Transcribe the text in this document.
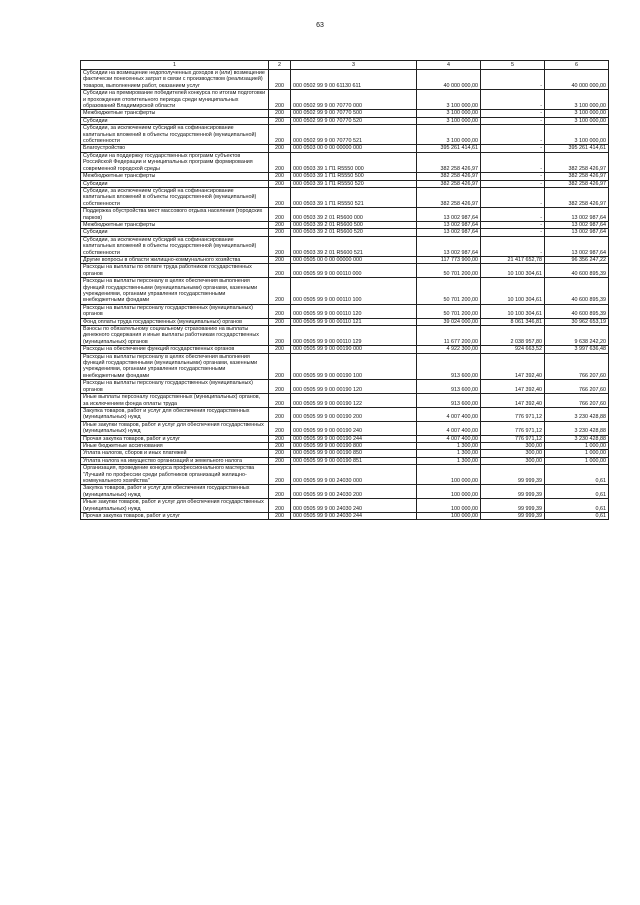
63
1	2	3	4	5	6
Субсидии на возмещение недополученных доходов и (или) возмещение фактически понесенных затрат в связи с производством (реализацией) товаров, выполнением работ, оказанием услуг	200	000 0502 99 9 00 61130 611	40 000 000,00	-	40 000 000,00
Субсидии на премирование победителей конкурса по итогам подготовки и прохождения отопительного периода среди муниципальных образований Владимирской области	200	000 0502 99 9 00 70770 000	3 100 000,00	-	3 100 000,00
Межбюджетные трансферты	200	000 0502 99 9 00 70770 500	3 100 000,00	-	3 100 000,00
Субсидии	200	000 0502 99 9 00 70770 520	3 100 000,00	-	3 100 000,00
Субсидии, за исключением субсидий на софинансирование капитальных вложений в объекты государственной (муниципальной) собственности	200	000 0502 99 9 00 70770 521	3 100 000,00	-	3 100 000,00
Благоустройство	200	000 0503 00 0 00 00000 000	395 261 414,61	-	395 261 414,61
Субсидии на поддержку государственных программ субъектов Российской Федерации и муниципальных программ формирования современной городской среды	200	000 0503 39 1 П1 R5550 000	382 258 426,97	-	382 258 426,97
Межбюджетные трансферты	200	000 0503 39 1 П1 R5550 500	382 258 426,97	-	382 258 426,97
Субсидии	200	000 0503 39 1 П1 R5550 520	382 258 426,97	-	382 258 426,97
Субсидии, за исключением субсидий на софинансирование капитальных вложений в объекты государственной (муниципальной) собственности	200	000 0503 39 1 П1 R5550 521	382 258 426,97	-	382 258 426,97
Поддержка обустройства мест массового отдыха населения (городских парков)	200	000 0503 39 2 01 R5600 000	13 002 987,64	-	13 002 987,64
Межбюджетные трансферты	200	000 0503 39 2 01 R5600 500	13 002 987,64	-	13 002 987,64
Субсидии	200	000 0503 39 2 01 R5600 520	13 002 987,64	-	13 002 987,64
Субсидии, за исключением субсидий на софинансирование капитальных вложений в объекты государственной (муниципальной) собственности	200	000 0503 39 2 01 R5600 521	13 002 987,64	-	13 002 987,64
Другие вопросы в области жилищно-коммунального хозяйства	200	000 0505 00 0 00 00000 000	117 773 900,00	21 417 652,78	96 356 247,22
Расходы на выплаты по оплате труда работников государственных органов	200	000 0505 99 9 00 00110 000	50 701 200,00	10 100 304,61	40 600 895,39
Расходы на выплаты персоналу в целях обеспечения выполнения функций государственными (муниципальными) органами, казенными учреждениями, органами управления государственными внебюджетными фондами	200	000 0505 99 9 00 00110 100	50 701 200,00	10 100 304,61	40 600 895,39
Расходы на выплаты персоналу государственных (муниципальных) органов	200	000 0505 99 9 00 00110 120	50 701 200,00	10 100 304,61	40 600 895,39
Фонд оплаты труда государственных (муниципальных) органов	200	000 0505 99 9 00 00110 121	39 024 000,00	8 061 346,81	30 962 653,19
Взносы по обязательному социальному страхованию на выплаты денежного содержания и иные выплаты работникам государственных (муниципальных) органов	200	000 0505 99 9 00 00110 129	11 677 200,00	2 038 957,80	9 638 242,20
Расходы на обеспечение функций государственных органов	200	000 0505 99 9 00 00190 000	4 922 300,00	924 663,52	3 997 636,48
Расходы на выплаты персоналу в целях обеспечения выполнения функций государственными (муниципальными) органами, казенными учреждениями, органами управления государственными внебюджетными фондами	200	000 0505 99 9 00 00190 100	913 600,00	147 392,40	766 207,60
Расходы на выплаты персоналу государственных (муниципальных) органов	200	000 0505 99 9 00 00190 120	913 600,00	147 392,40	766 207,60
Иные выплаты персоналу государственных (муниципальных) органов, за исключением фонда оплаты труда	200	000 0505 99 9 00 00190 122	913 600,00	147 392,40	766 207,60
Закупка товаров, работ и услуг для обеспечения государственных (муниципальных) нужд	200	000 0505 99 9 00 00190 200	4 007 400,00	776 971,12	3 230 428,88
Иные закупки товаров, работ и услуг для обеспечения государственных (муниципальных) нужд	200	000 0505 99 9 00 00190 240	4 007 400,00	776 971,12	3 230 428,88
Прочая закупка товаров, работ и услуг	200	000 0505 99 9 00 00190 244	4 007 400,00	776 971,12	3 230 428,88
Иные бюджетные ассигнования	200	000 0505 99 9 00 00190 800	1 300,00	300,00	1 000,00
Уплата налогов, сборов и иных платежей	200	000 0505 99 9 00 00190 850	1 300,00	300,00	1 000,00
Уплата налога на имущество организаций и земельного налога	200	000 0505 99 9 00 00190 851	1 300,00	300,00	1 000,00
Организация, проведение конкурса профессионального мастерства "Лучший по профессии среди работников организаций жилищно-коммунального хозяйства"	200	000 0505 99 9 00 24030 000	100 000,00	99 999,39	0,61
Закупка товаров, работ и услуг для обеспечения государственных (муниципальных) нужд	200	000 0505 99 9 00 24030 200	100 000,00	99 999,39	0,61
Иные закупки товаров, работ и услуг для обеспечения государственных (муниципальных) нужд	200	000 0505 99 9 00 24030 240	100 000,00	99 999,39	0,61
Прочая закупка товаров, работ и услуг	200	000 0505 99 9 00 24030 244	100 000,00	99 999,39	0,61
